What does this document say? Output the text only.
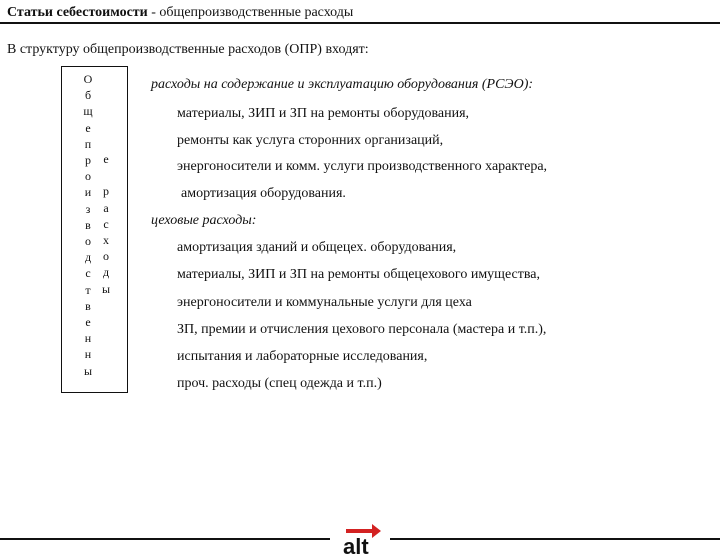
Статьи себестоимости - общепроизводственные расходы
В структуру общепроизводственные расходов (ОПР) входят:
О
б
щ
е
п
р
о
и
з
в
о
д
с
т
в
е
н
н
ы
е

р
а
с
х
о
д
ы
расходы на содержание и эксплуатацию оборудования (РСЭО):
материалы, ЗИП и ЗП на ремонты оборудования,
ремонты как услуга сторонних организаций,
энергоносители и комм. услуги производственного характера,
амортизация оборудования.
цеховые расходы:
амортизация зданий и общецех. оборудования,
материалы, ЗИП и ЗП на ремонты общецехового имущества,
энергоносители и коммунальные услуги для цеха
ЗП, премии и отчисления цехового персонала (мастера и т.п.),
испытания и лабораторные исследования,
проч. расходы (спец одежда и т.п.)
alt
